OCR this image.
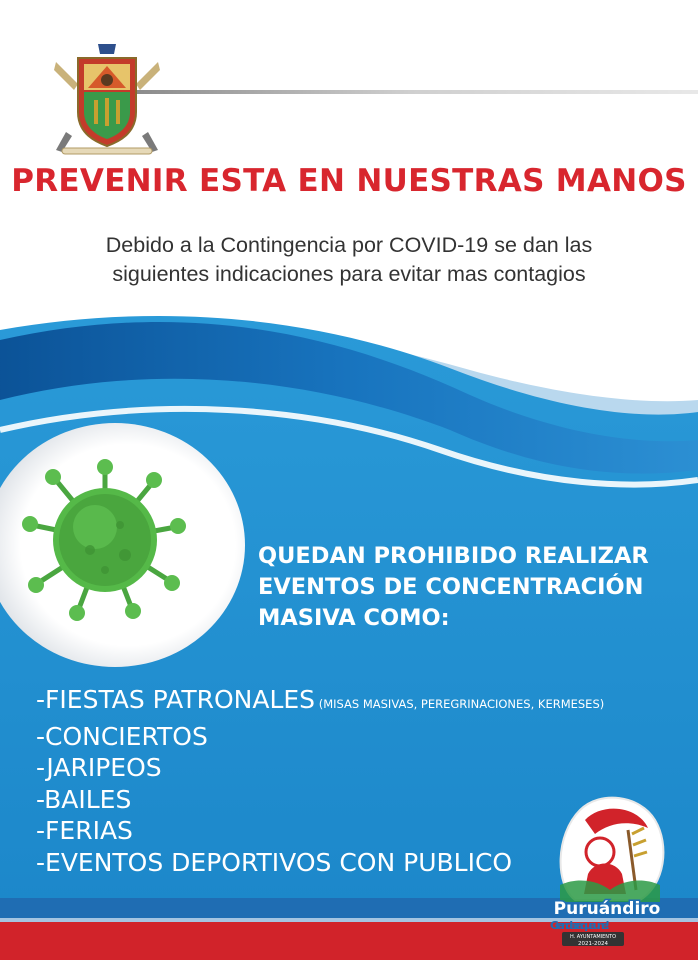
PREVENIR ESTA EN NUESTRAS MANOS
Debido a la Contingencia por COVID-19 se dan las
siguientes indicaciones para evitar mas contagios
QUEDAN PROHIBIDO REALIZAR
EVENTOS DE CONCENTRACIÓN
MASIVA COMO:
-FIESTAS PATRONALES (MISAS MASIVAS, PEREGRINACIONES, KERMESES)
-CONCIERTOS
-JARIPEOS
-BAILES
-FERIAS
-EVENTOS DEPORTIVOS CON PUBLICO
Puruándiro
Grandeza que une!
H. AYUNTAMIENTO
2021-2024
